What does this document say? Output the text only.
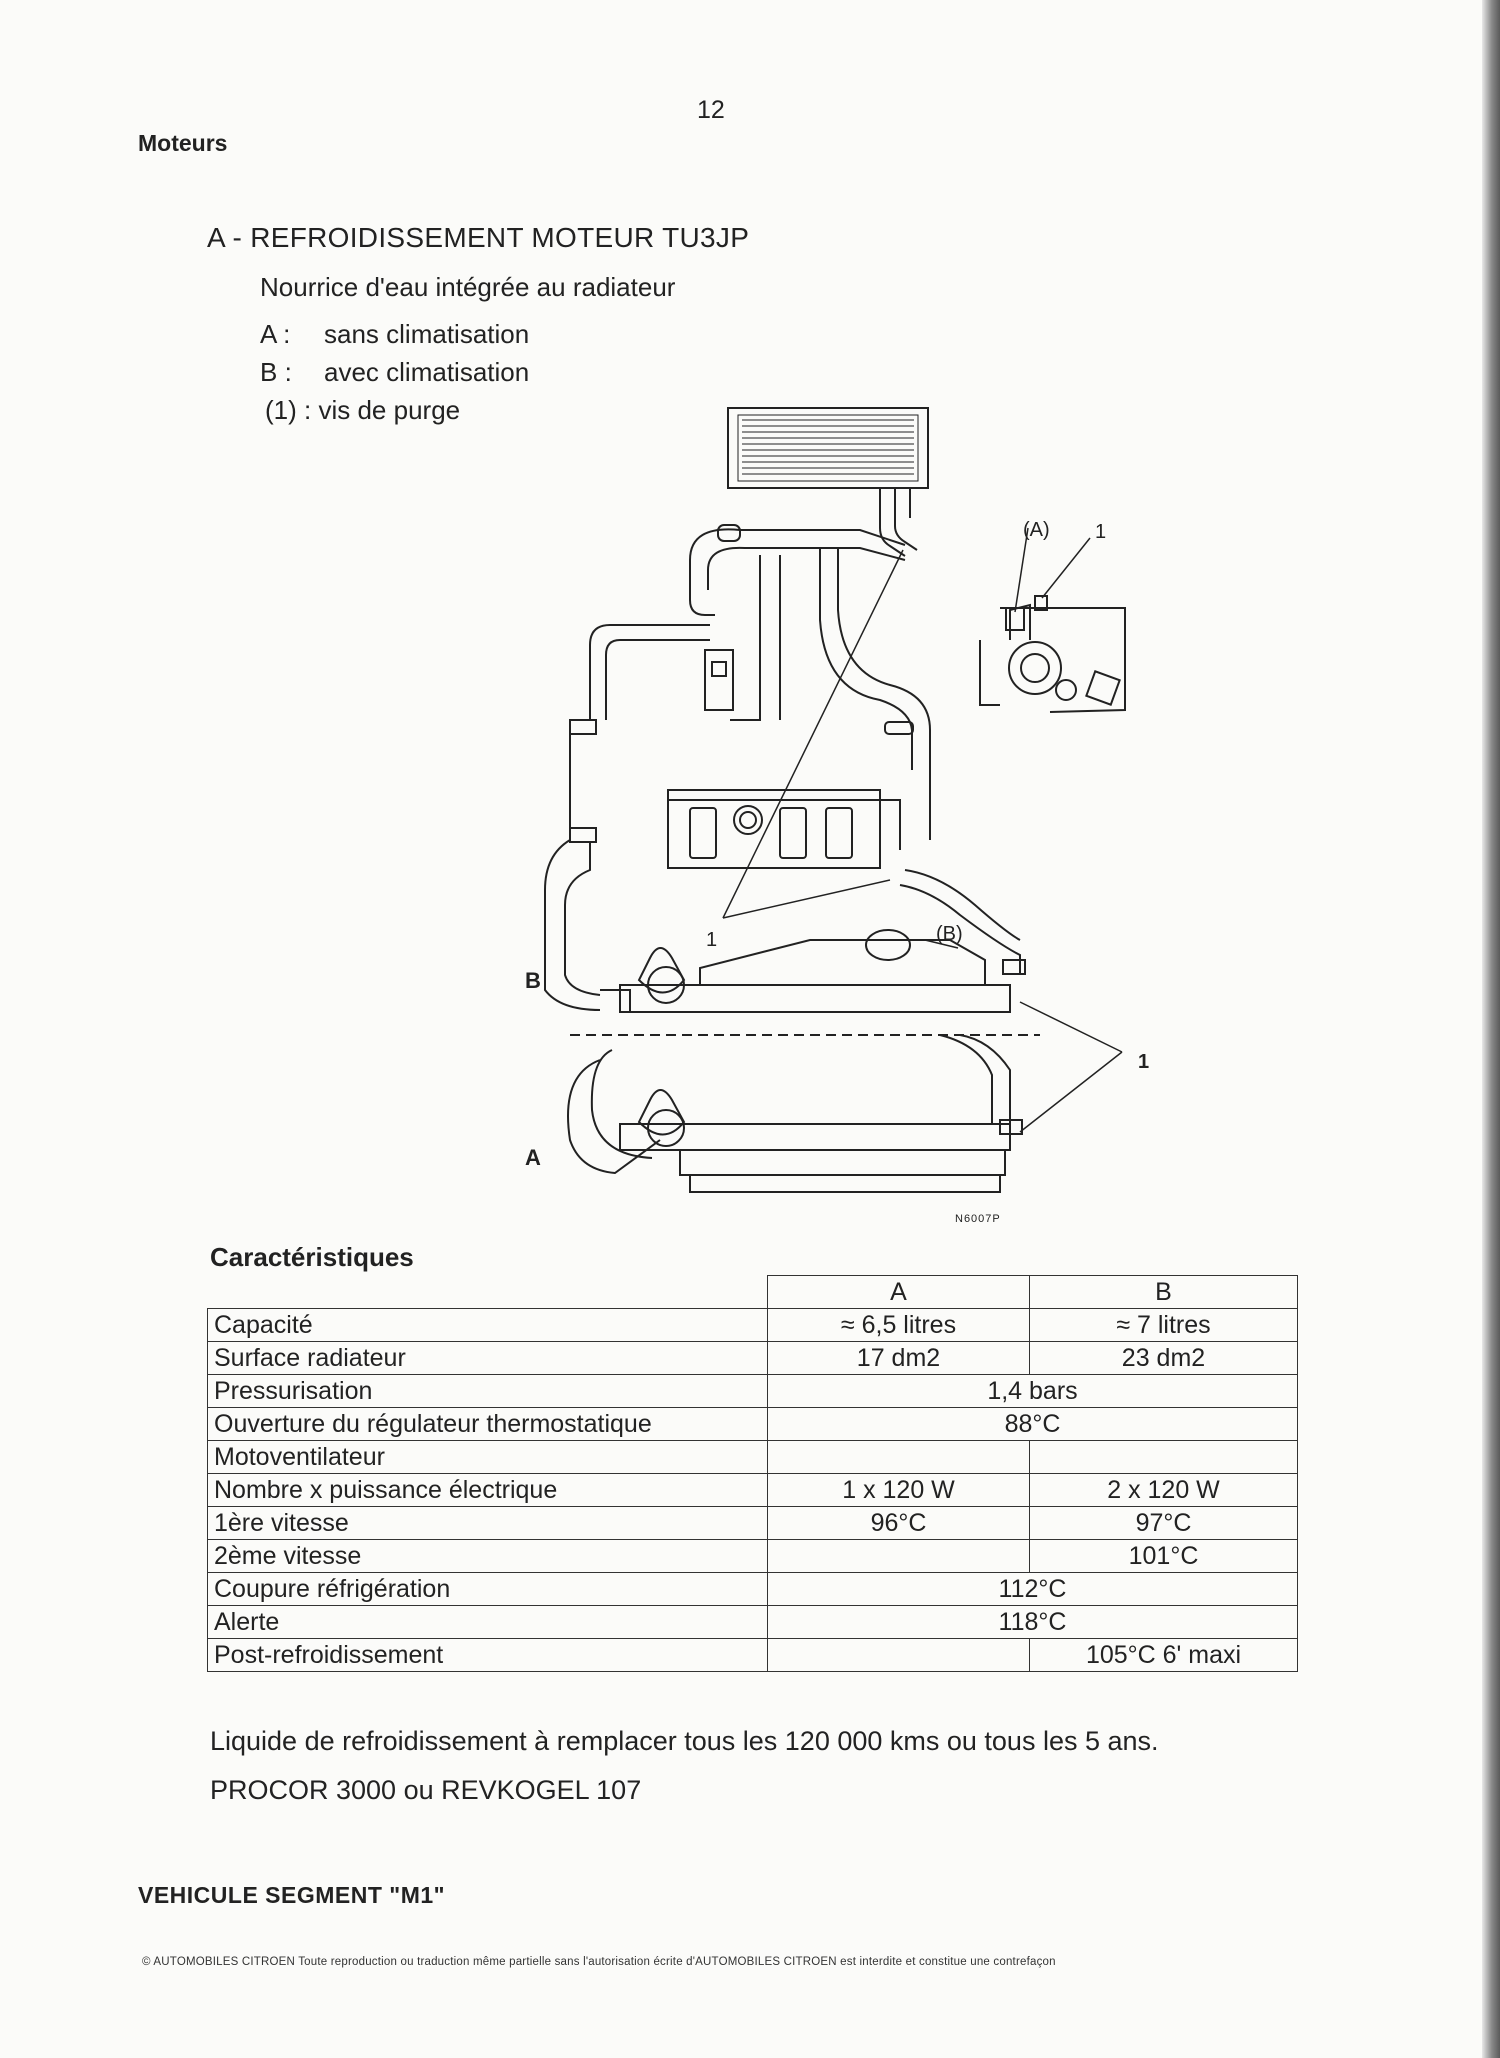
12
Moteurs
A - REFROIDISSEMENT MOTEUR TU3JP
Nourrice d'eau intégrée au radiateur
A : sans climatisation
B : avec climatisation
(1) : vis de purge
(A) 1
1	(B)
B
1
A
N6007P
Caractéristiques
	A	B
Capacité	≈ 6,5 litres	≈ 7 litres
Surface radiateur	17 dm2	23 dm2
Pressurisation	1,4 bars	
Ouverture du régulateur thermostatique	88°C	
Motoventilateur		
Nombre x puissance électrique	1 x 120 W	2 x 120 W
1ère vitesse	96°C	97°C
2ème vitesse		101°C
Coupure réfrigération	112°C	
Alerte	118°C	
Post-refroidissement		105°C 6' maxi
Liquide de refroidissement à remplacer tous les 120 000 kms ou tous les 5 ans.
PROCOR 3000 ou REVKOGEL 107
VEHICULE SEGMENT "M1"
© AUTOMOBILES CITROEN Toute reproduction ou traduction même partielle sans l'autorisation écrite d'AUTOMOBILES CITROEN est interdite et constitue une contrefaçon
